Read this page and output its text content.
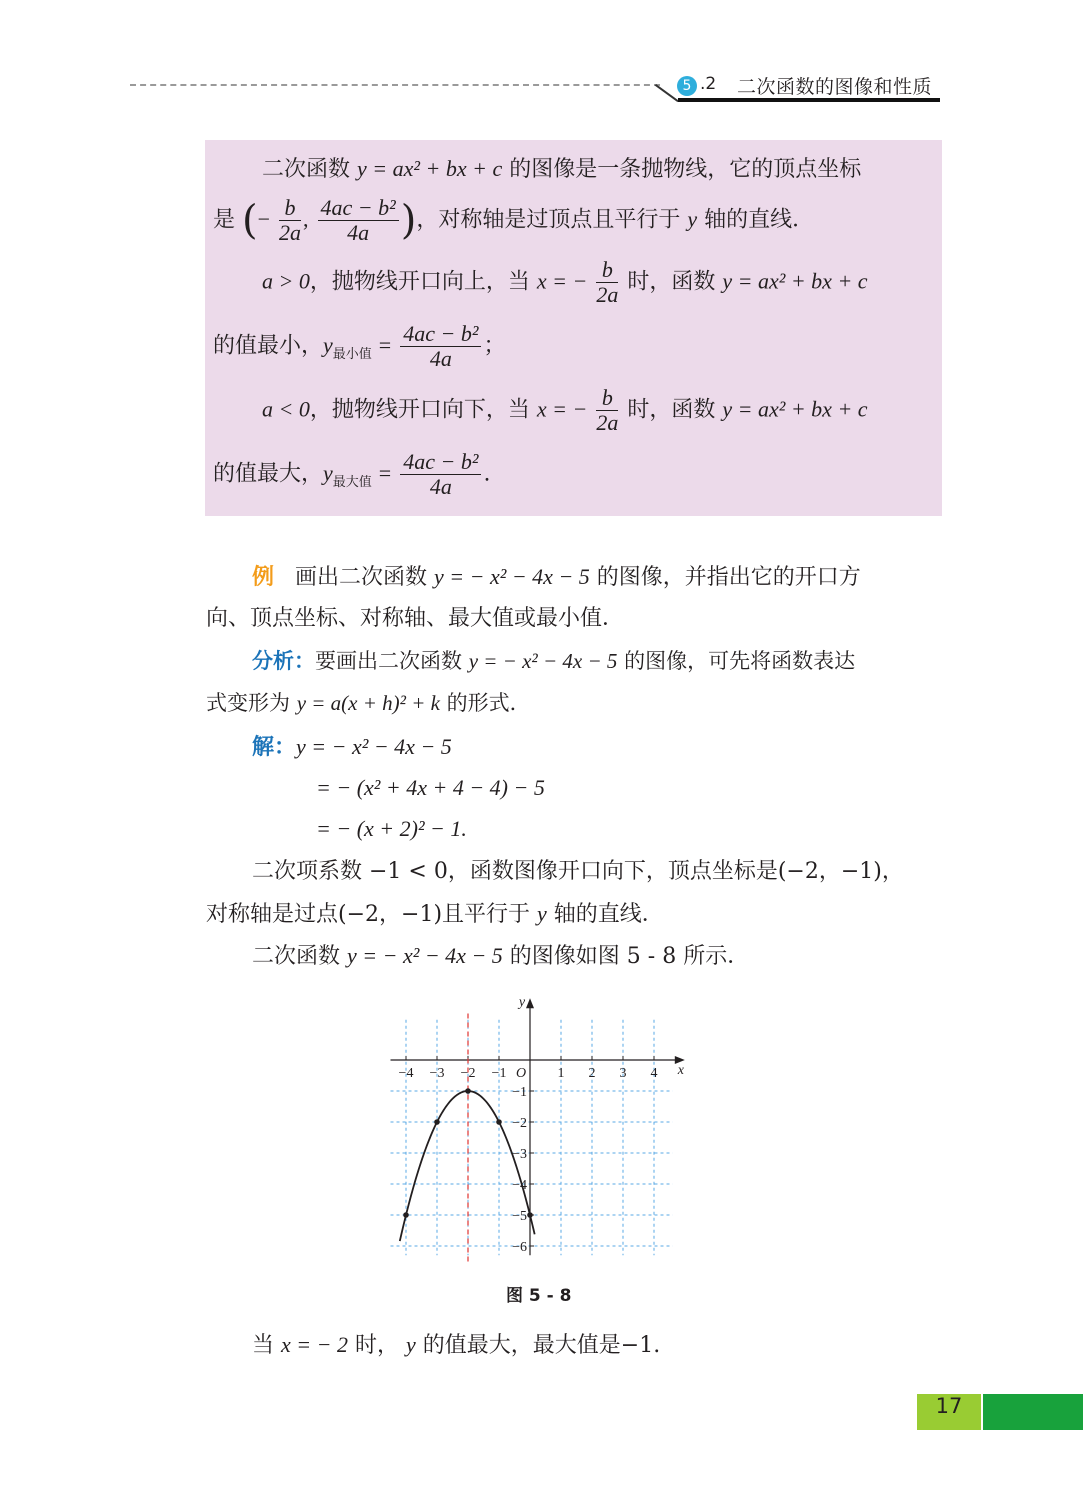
5 .2 二次函数的图像和性质
二次函数 y = ax² + bx + c 的图像是一条抛物线，它的顶点坐标
是 (− $\frac{b}{2a}$ , $\frac{\text{4ac − b²}}{4a}$ )，对称轴是过顶点且平行于 y 轴的直线．
a > 0，抛物线开口向上，当 x = − $\frac{b}{2a}$ 时，函数 y = ax² + bx + c
的值最小，$y_{最小值} = \frac{\text{4ac − b²}}{4a}$ ；
a < 0，抛物线开口向下，当 x = − $\frac{b}{2a}$ 时，函数 y = ax² + bx + c
的值最大，$y_{最大值} = \frac{\text{4ac − b²}}{4a}$ .
例 画出二次函数 y = − x² − 4x − 5 的图像，并指出它的开口方
向、顶点坐标、对称轴、最大值或最小值．
分析：要画出二次函数 y = − x² − 4x − 5 的图像，可先将函数表达
式变形为 y = a(x + h)² + k 的形式．
解：y = − x² − 4x − 5
= − (x² + 4x + 4 − 4) − 5
= − (x + 2)² − 1.
二次项系数 −1 < 0，函数图像开口向下，顶点坐标是(−2，−1)，
对称轴是过点(−2，−1)且平行于 y 轴的直线．
二次函数 y = − x² − 4x − 5 的图像如图 5 - 8 所示．
−4 −3 −2 −1	1 2 3 4
−1
−2
−3
−4
−5
−6
O	x
y
图 5 - 8
当 x = − 2 时， y 的值最大，最大值是−1.
17
